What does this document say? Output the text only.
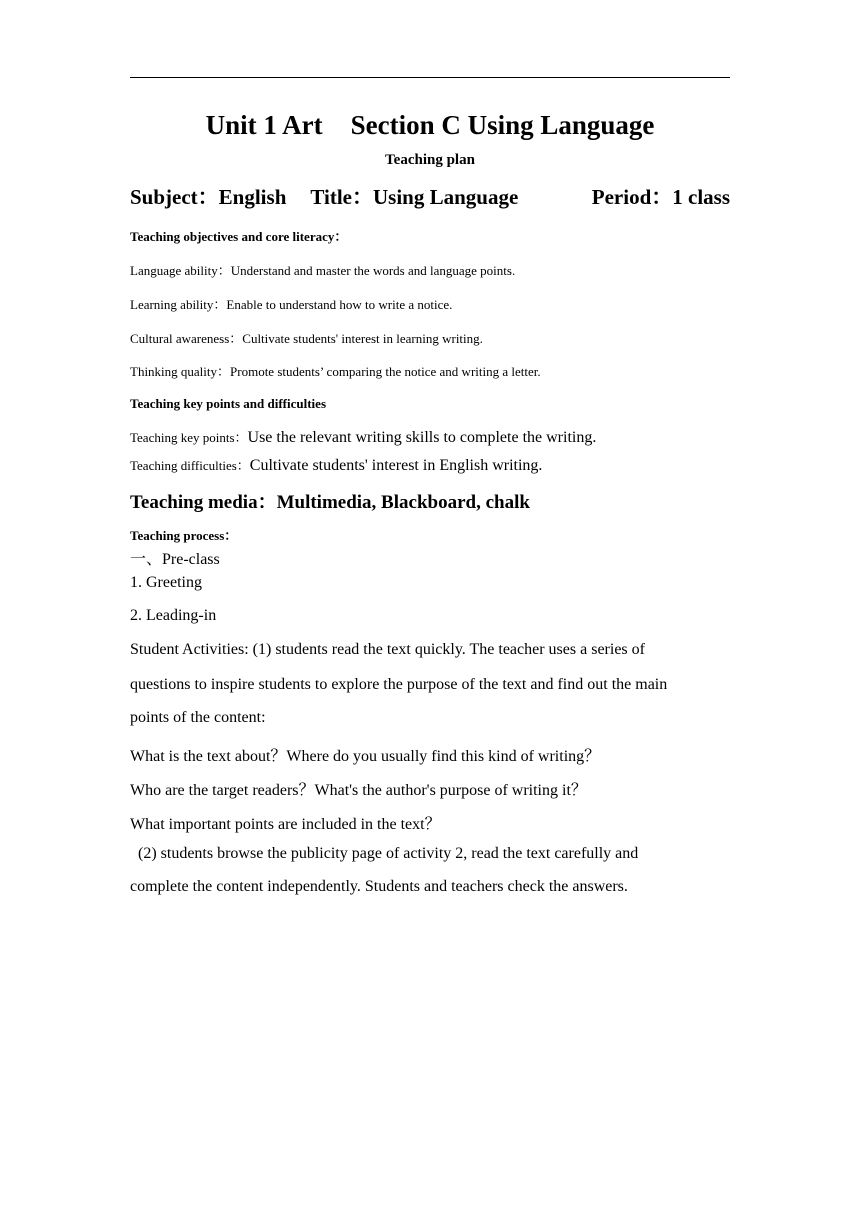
Unit 1 Art Section C Using Language
Teaching plan
Subject：English Title：Using Language	Period：1 class
Teaching objectives and core literacy：
Language ability：Understand and master the words and language points.
Learning ability：Enable to understand how to write a notice.
Cultural awareness：Cultivate students' interest in learning writing.
Thinking quality：Promote students’ comparing the notice and writing a letter.
Teaching key points and difficulties
Teaching key points：Use the relevant writing skills to complete the writing.
Teaching difficulties：Cultivate students' interest in English writing.
Teaching media：Multimedia, Blackboard, chalk
Teaching process：
一、Pre-class
1. Greeting
2. Leading-in
Student Activities: (1) students read the text quickly. The teacher uses a series of
questions to inspire students to explore the purpose of the text and find out the main
points of the content:
What is the text about？Where do you usually find this kind of writing？
Who are the target readers？What's the author's purpose of writing it？
What important points are included in the text？
(2) students browse the publicity page of activity 2, read the text carefully and
complete the content independently. Students and teachers check the answers.
